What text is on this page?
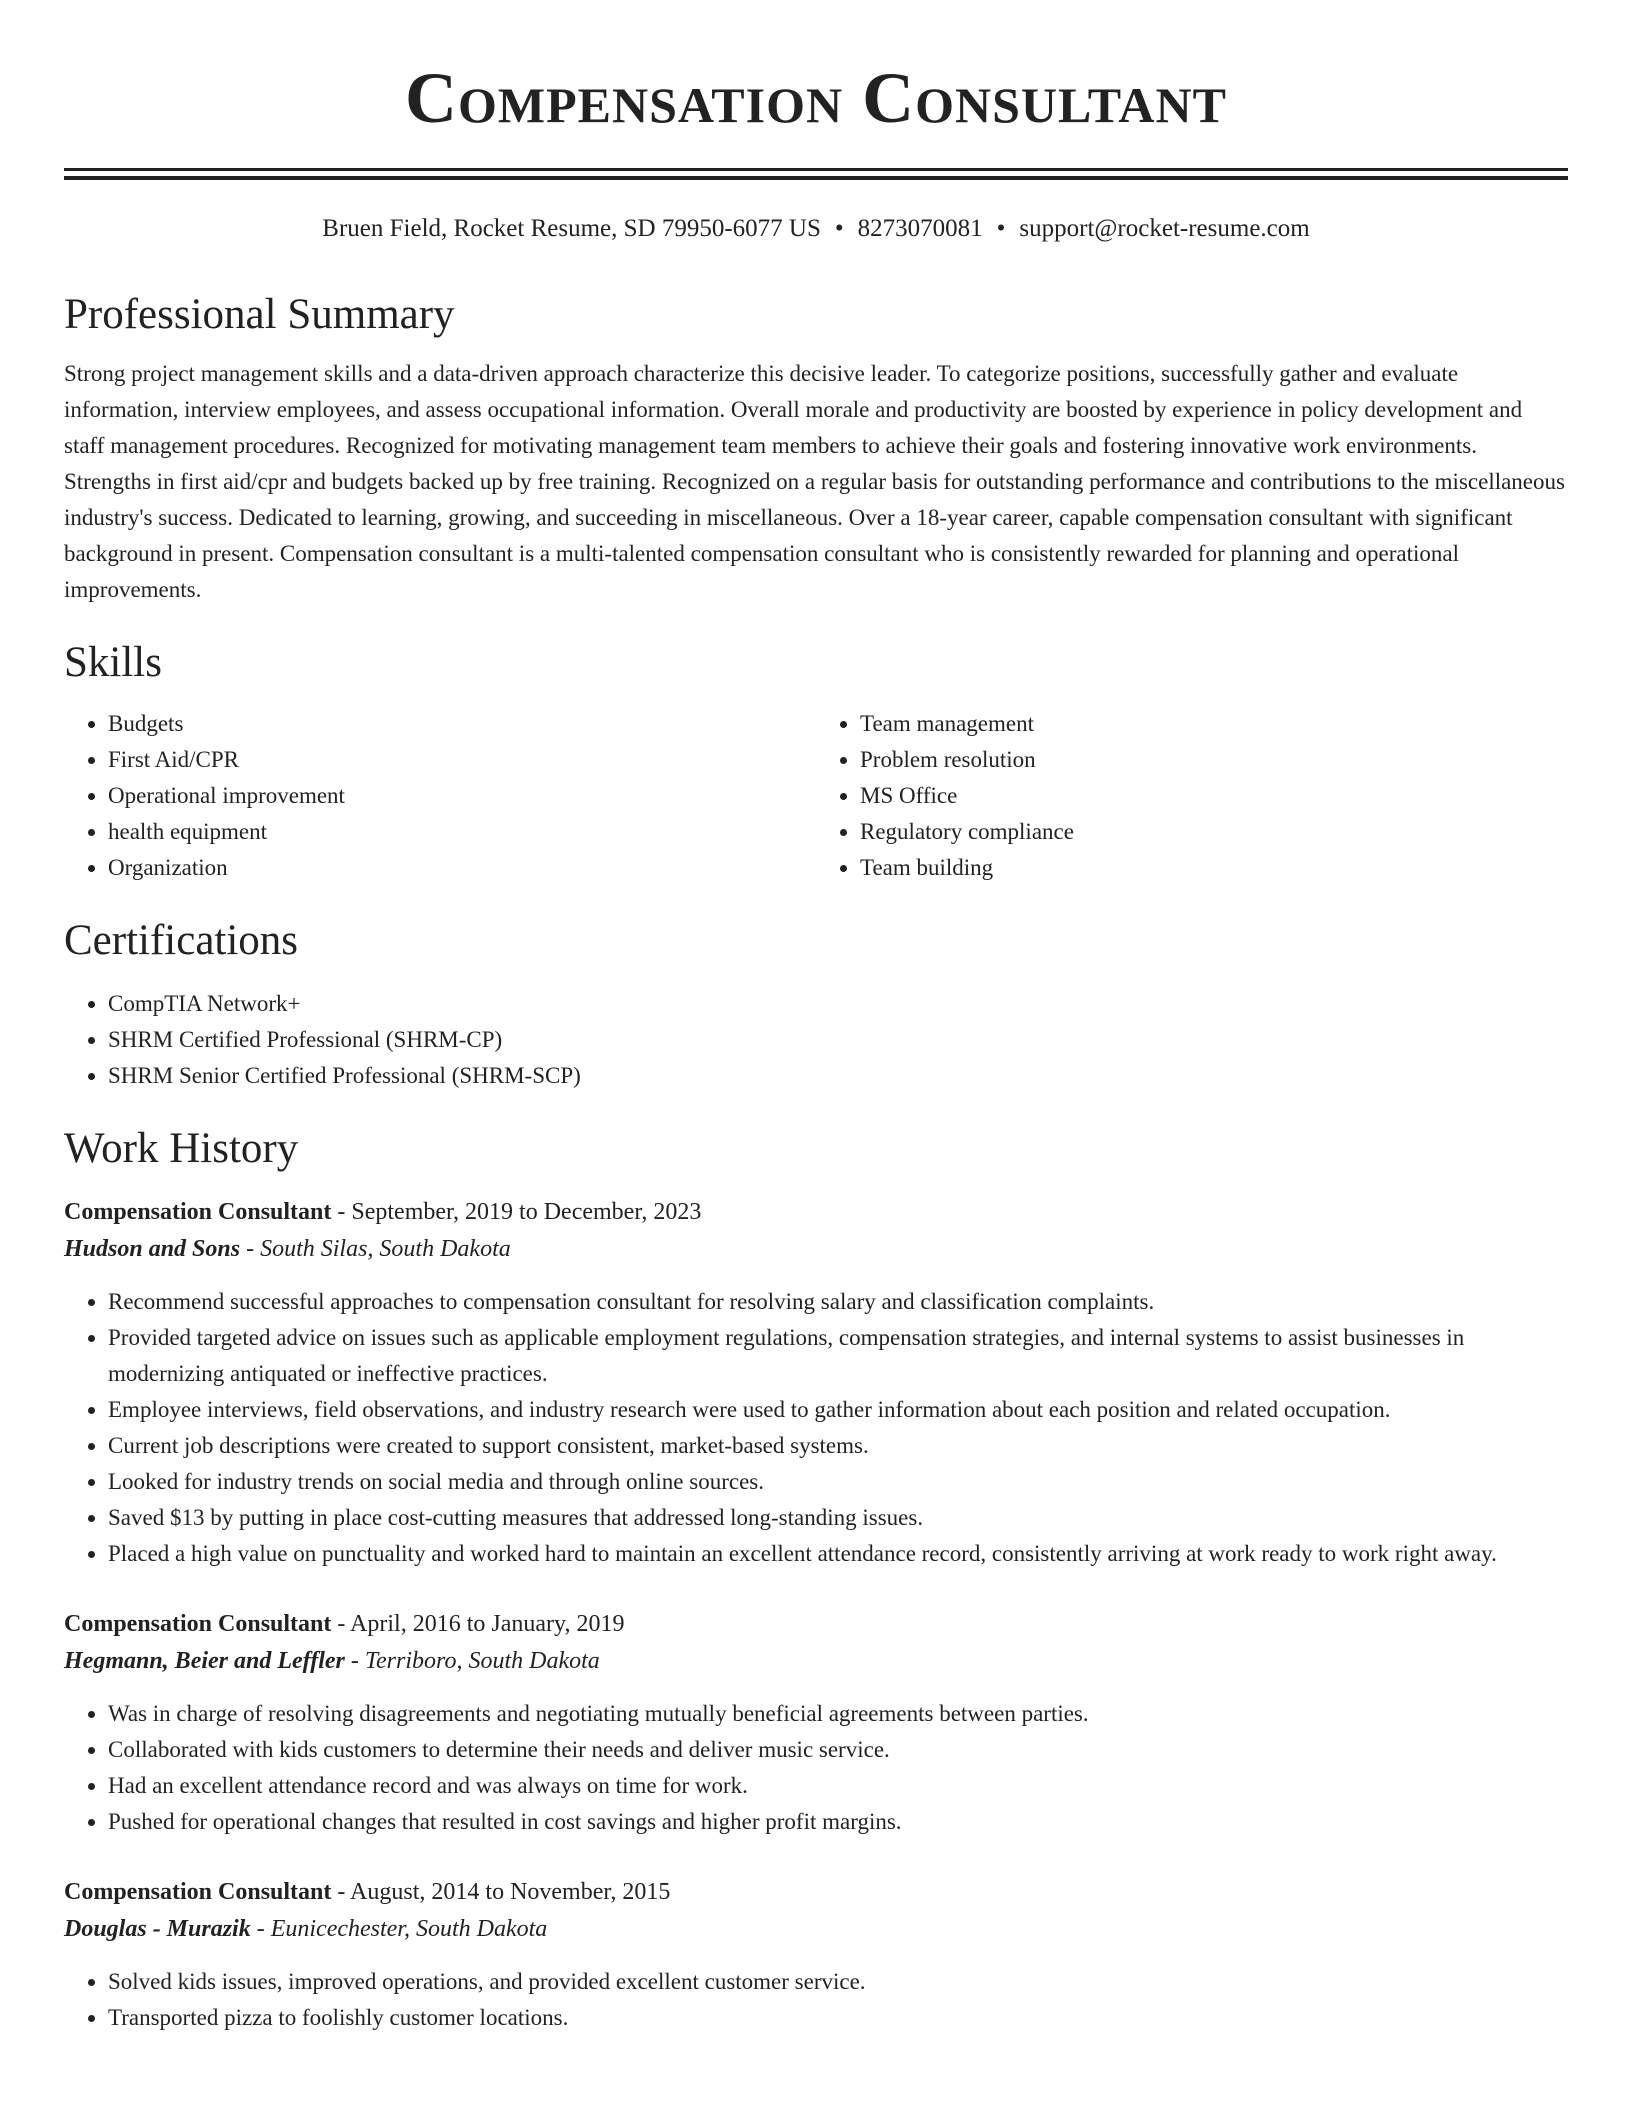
Compensation Consultant
Bruen Field, Rocket Resume, SD 79950-6077 US • 8273070081 • support@rocket-resume.com
Professional Summary

Strong project management skills and a data-driven approach characterize this decisive leader. To categorize positions, successfully gather and evaluate information, interview employees, and assess occupational information. Overall morale and productivity are boosted by experience in policy development and staff management procedures. Recognized for motivating management team members to achieve their goals and fostering innovative work environments. Strengths in first aid/cpr and budgets backed up by free training. Recognized on a regular basis for outstanding performance and contributions to the miscellaneous industry's success. Dedicated to learning, growing, and succeeding in miscellaneous. Over a 18-year career, capable compensation consultant with significant background in present. Compensation consultant is a multi-talented compensation consultant who is consistently rewarded for planning and operational improvements.

Skills
• Budgets
• First Aid/CPR
• Operational improvement
• health equipment
• Organization
• Team management
• Problem resolution
• MS Office
• Regulatory compliance
• Team building
Certifications
• CompTIA Network+
• SHRM Certified Professional (SHRM-CP)
• SHRM Senior Certified Professional (SHRM-SCP)
Work History
Compensation Consultant - September, 2019 to December, 2023
Hudson and Sons - South Silas, South Dakota
• Recommend successful approaches to compensation consultant for resolving salary and classification complaints.
• Provided targeted advice on issues such as applicable employment regulations, compensation strategies, and internal systems to assist businesses in modernizing antiquated or ineffective practices.
• Employee interviews, field observations, and industry research were used to gather information about each position and related occupation.
• Current job descriptions were created to support consistent, market-based systems.
• Looked for industry trends on social media and through online sources.
• Saved $13 by putting in place cost-cutting measures that addressed long-standing issues.
• Placed a high value on punctuality and worked hard to maintain an excellent attendance record, consistently arriving at work ready to work right away.
Compensation Consultant - April, 2016 to January, 2019
Hegmann, Beier and Leffler - Terriboro, South Dakota
• Was in charge of resolving disagreements and negotiating mutually beneficial agreements between parties.
• Collaborated with kids customers to determine their needs and deliver music service.
• Had an excellent attendance record and was always on time for work.
• Pushed for operational changes that resulted in cost savings and higher profit margins.
Compensation Consultant - August, 2014 to November, 2015
Douglas - Murazik - Eunicechester, South Dakota
• Solved kids issues, improved operations, and provided excellent customer service.
• Transported pizza to foolishly customer locations.
